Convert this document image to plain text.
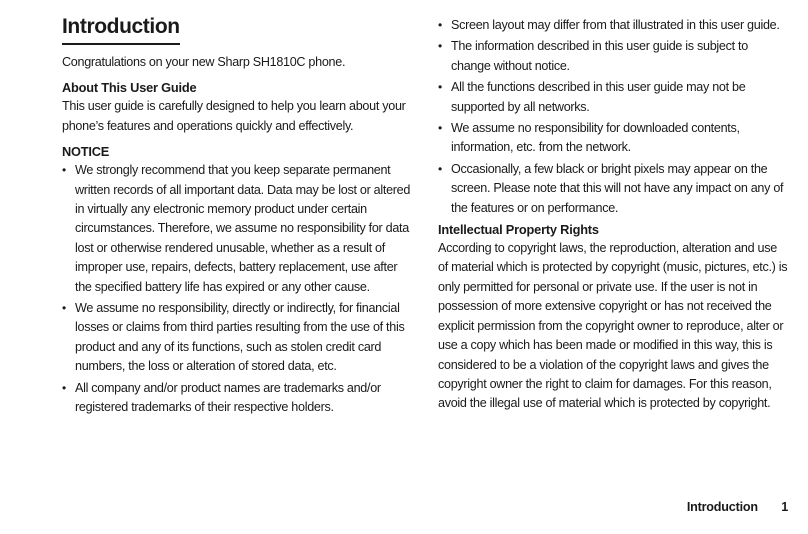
Introduction

Congratulations on your new Sharp SH1810C phone.

About This User Guide

This user guide is carefully designed to help you learn about your phone’s features and operations quickly and effectively.

NOTICE

• We strongly recommend that you keep separate permanent written records of all important data. Data may be lost or altered in virtually any electronic memory product under certain circumstances. Therefore, we assume no responsibility for data lost or otherwise rendered unusable, whether as a result of improper use, repairs, defects, battery replacement, use after the specified battery life has expired or any other cause.
• We assume no responsibility, directly or indirectly, for financial losses or claims from third parties resulting from the use of this product and any of its functions, such as stolen credit card numbers, the loss or alteration of stored data, etc.
• All company and/or product names are trademarks and/or registered trademarks of their respective holders.
• Screen layout may differ from that illustrated in this user guide.
• The information described in this user guide is subject to change without notice.
• All the functions described in this user guide may not be supported by all networks.
• We assume no responsibility for downloaded contents, information, etc. from the network.
• Occasionally, a few black or bright pixels may appear on the screen. Please note that this will not have any impact on any of the features or on performance.

Intellectual Property Rights

According to copyright laws, the reproduction, alteration and use of material which is protected by copyright (music, pictures, etc.) is only permitted for personal or private use. If the user is not in possession of more extensive copyright or has not received the explicit permission from the copyright owner to reproduce, alter or use a copy which has been made or modified in this way, this is considered to be a violation of the copyright laws and gives the copyright owner the right to claim for damages. For this reason, avoid the illegal use of material which is protected by copyright.

Introduction 1
